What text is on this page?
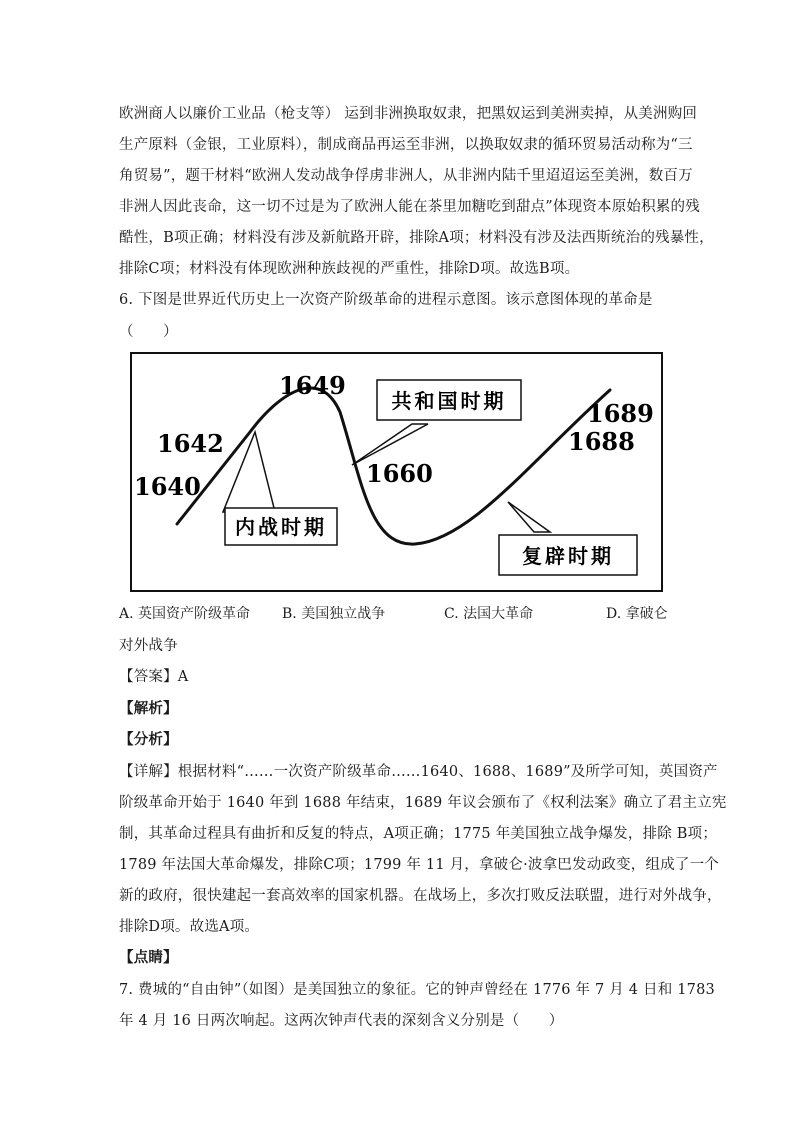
欧洲商人以廉价工业品（枪支等） 运到非洲换取奴隶，把黑奴运到美洲卖掉，从美洲购回
生产原料（金银，工业原料），制成商品再运至非洲，以换取奴隶的循环贸易活动称为“三
角贸易”，题干材料“欧洲人发动战争俘虏非洲人，从非洲内陆千里迢迢运至美洲，数百万
非洲人因此丧命，这一切不过是为了欧洲人能在茶里加糖吃到甜点”体现资本原始积累的残
酷性，B项正确；材料没有涉及新航路开辟，排除A项；材料没有涉及法西斯统治的残暴性，
排除C项；材料没有体现欧洲种族歧视的严重性，排除D项。故选B项。
6. 下图是世界近代历史上一次资产阶级革命的进程示意图。该示意图体现的革命是
（　　）
内战时期
共和国时期
复辟时期
1640
1642
1649
1660
1688
1689
A. 英国资产阶级革命 B. 美国独立战争	C. 法国大革命	D. 拿破仑
对外战争
【答案】A
【解析】
【分析】
【详解】根据材料“……一次资产阶级革命……1640、1688、1689”及所学可知，英国资产
阶级革命开始于 1640 年到 1688 年结束，1689 年议会颁布了《权利法案》确立了君主立宪
制，其革命过程具有曲折和反复的特点，A项正确；1775 年美国独立战争爆发，排除 B项；
1789 年法国大革命爆发，排除C项；1799 年 11 月，拿破仑·波拿巴发动政变，组成了一个
新的政府，很快建起一套高效率的国家机器。在战场上，多次打败反法联盟，进行对外战争，
排除D项。故选A项。
【点睛】
7. 费城的“自由钟”（如图）是美国独立的象征。它的钟声曾经在 1776 年 7 月 4 日和 1783
年 4 月 16 日两次响起。这两次钟声代表的深刻含义分别是（　　）
